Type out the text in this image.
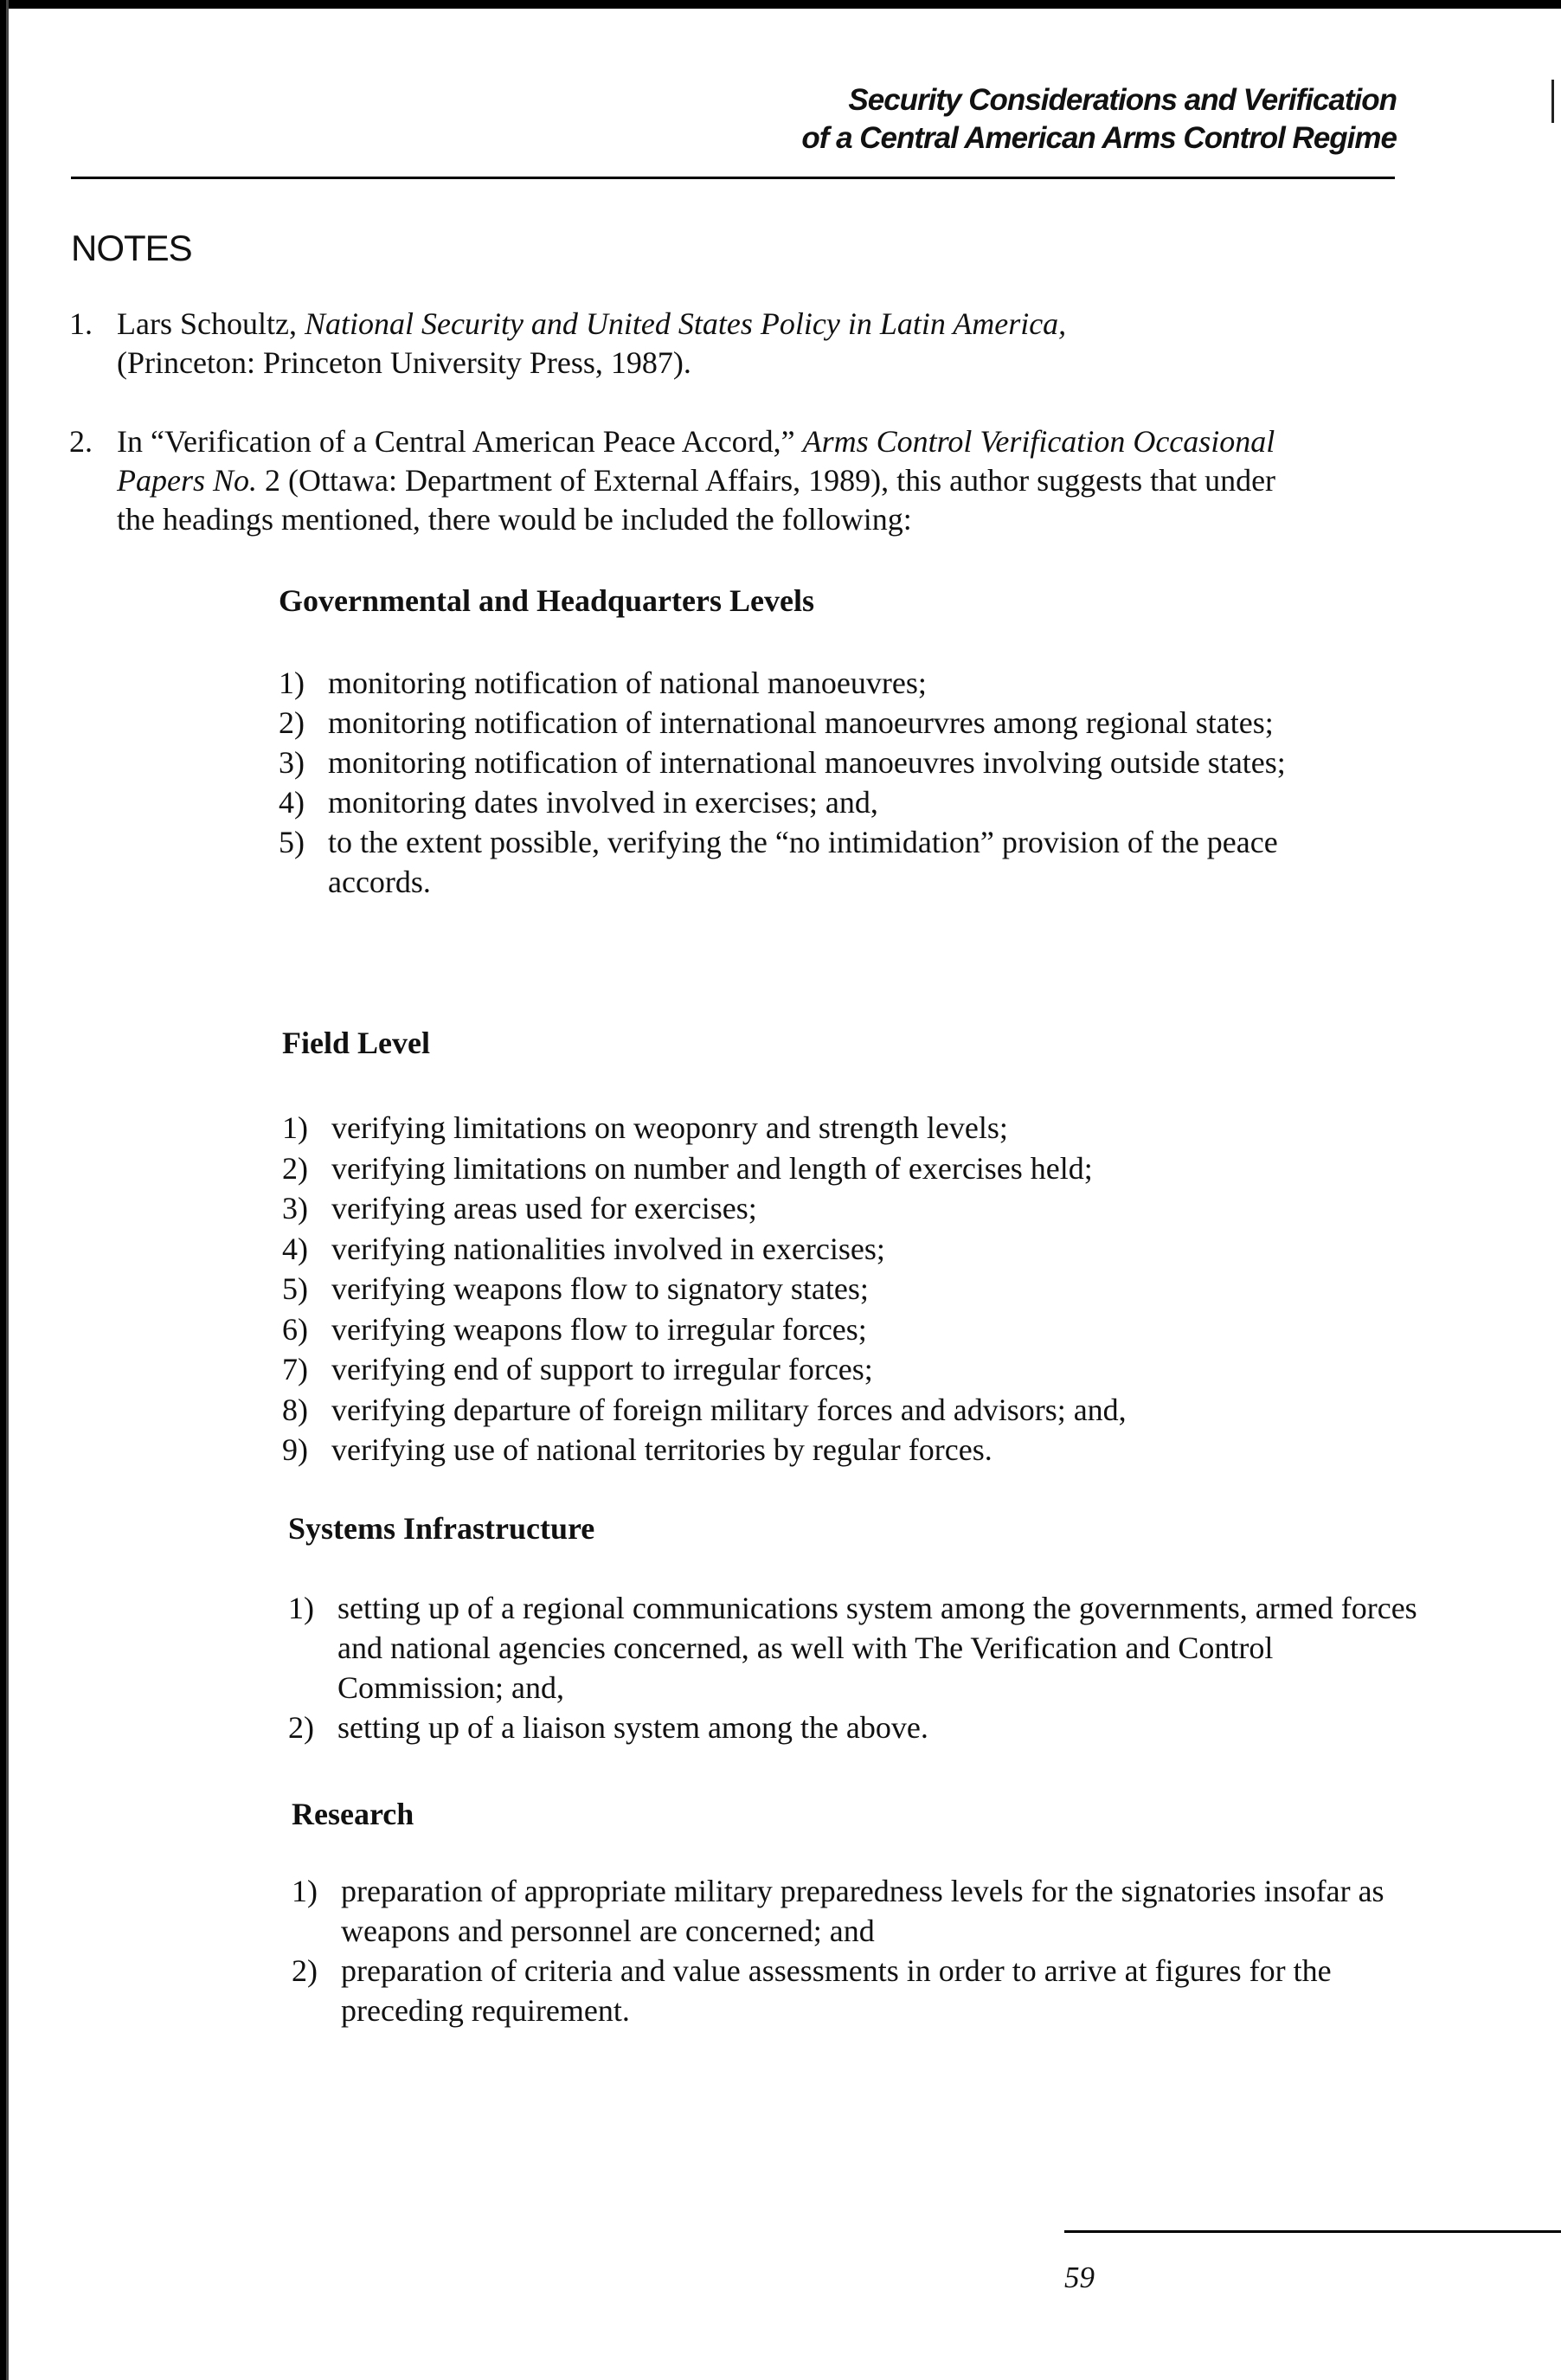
Security Considerations and Verification
of a Central American Arms Control Regime
NOTES
1. Lars Schoultz, National Security and United States Policy in Latin America,
(Princeton: Princeton University Press, 1987).
2. In “Verification of a Central American Peace Accord,” Arms Control Verification Occasional Papers No. 2 (Ottawa: Department of External Affairs, 1989), this author suggests that under the headings mentioned, there would be included the following:
Governmental and Headquarters Levels
1) monitoring notification of national manoeuvres;
2) monitoring notification of international manoeurvres among regional states;
3) monitoring notification of international manoeuvres involving outside states;
4) monitoring dates involved in exercises; and,
5) to the extent possible, verifying the “no intimidation” provision of the peace accords.
Field Level
1) verifying limitations on weoponry and strength levels;
2) verifying limitations on number and length of exercises held;
3) verifying areas used for exercises;
4) verifying nationalities involved in exercises;
5) verifying weapons flow to signatory states;
6) verifying weapons flow to irregular forces;
7) verifying end of support to irregular forces;
8) verifying departure of foreign military forces and advisors; and,
9) verifying use of national territories by regular forces.
Systems Infrastructure
1) setting up of a regional communications system among the governments, armed forces and national agencies concerned, as well with The Verification and Control Commission; and,
2) setting up of a liaison system among the above.
Research
1) preparation of appropriate military preparedness levels for the signatories insofar as weapons and personnel are concerned; and
2) preparation of criteria and value assessments in order to arrive at figures for the preceding requirement.
59
